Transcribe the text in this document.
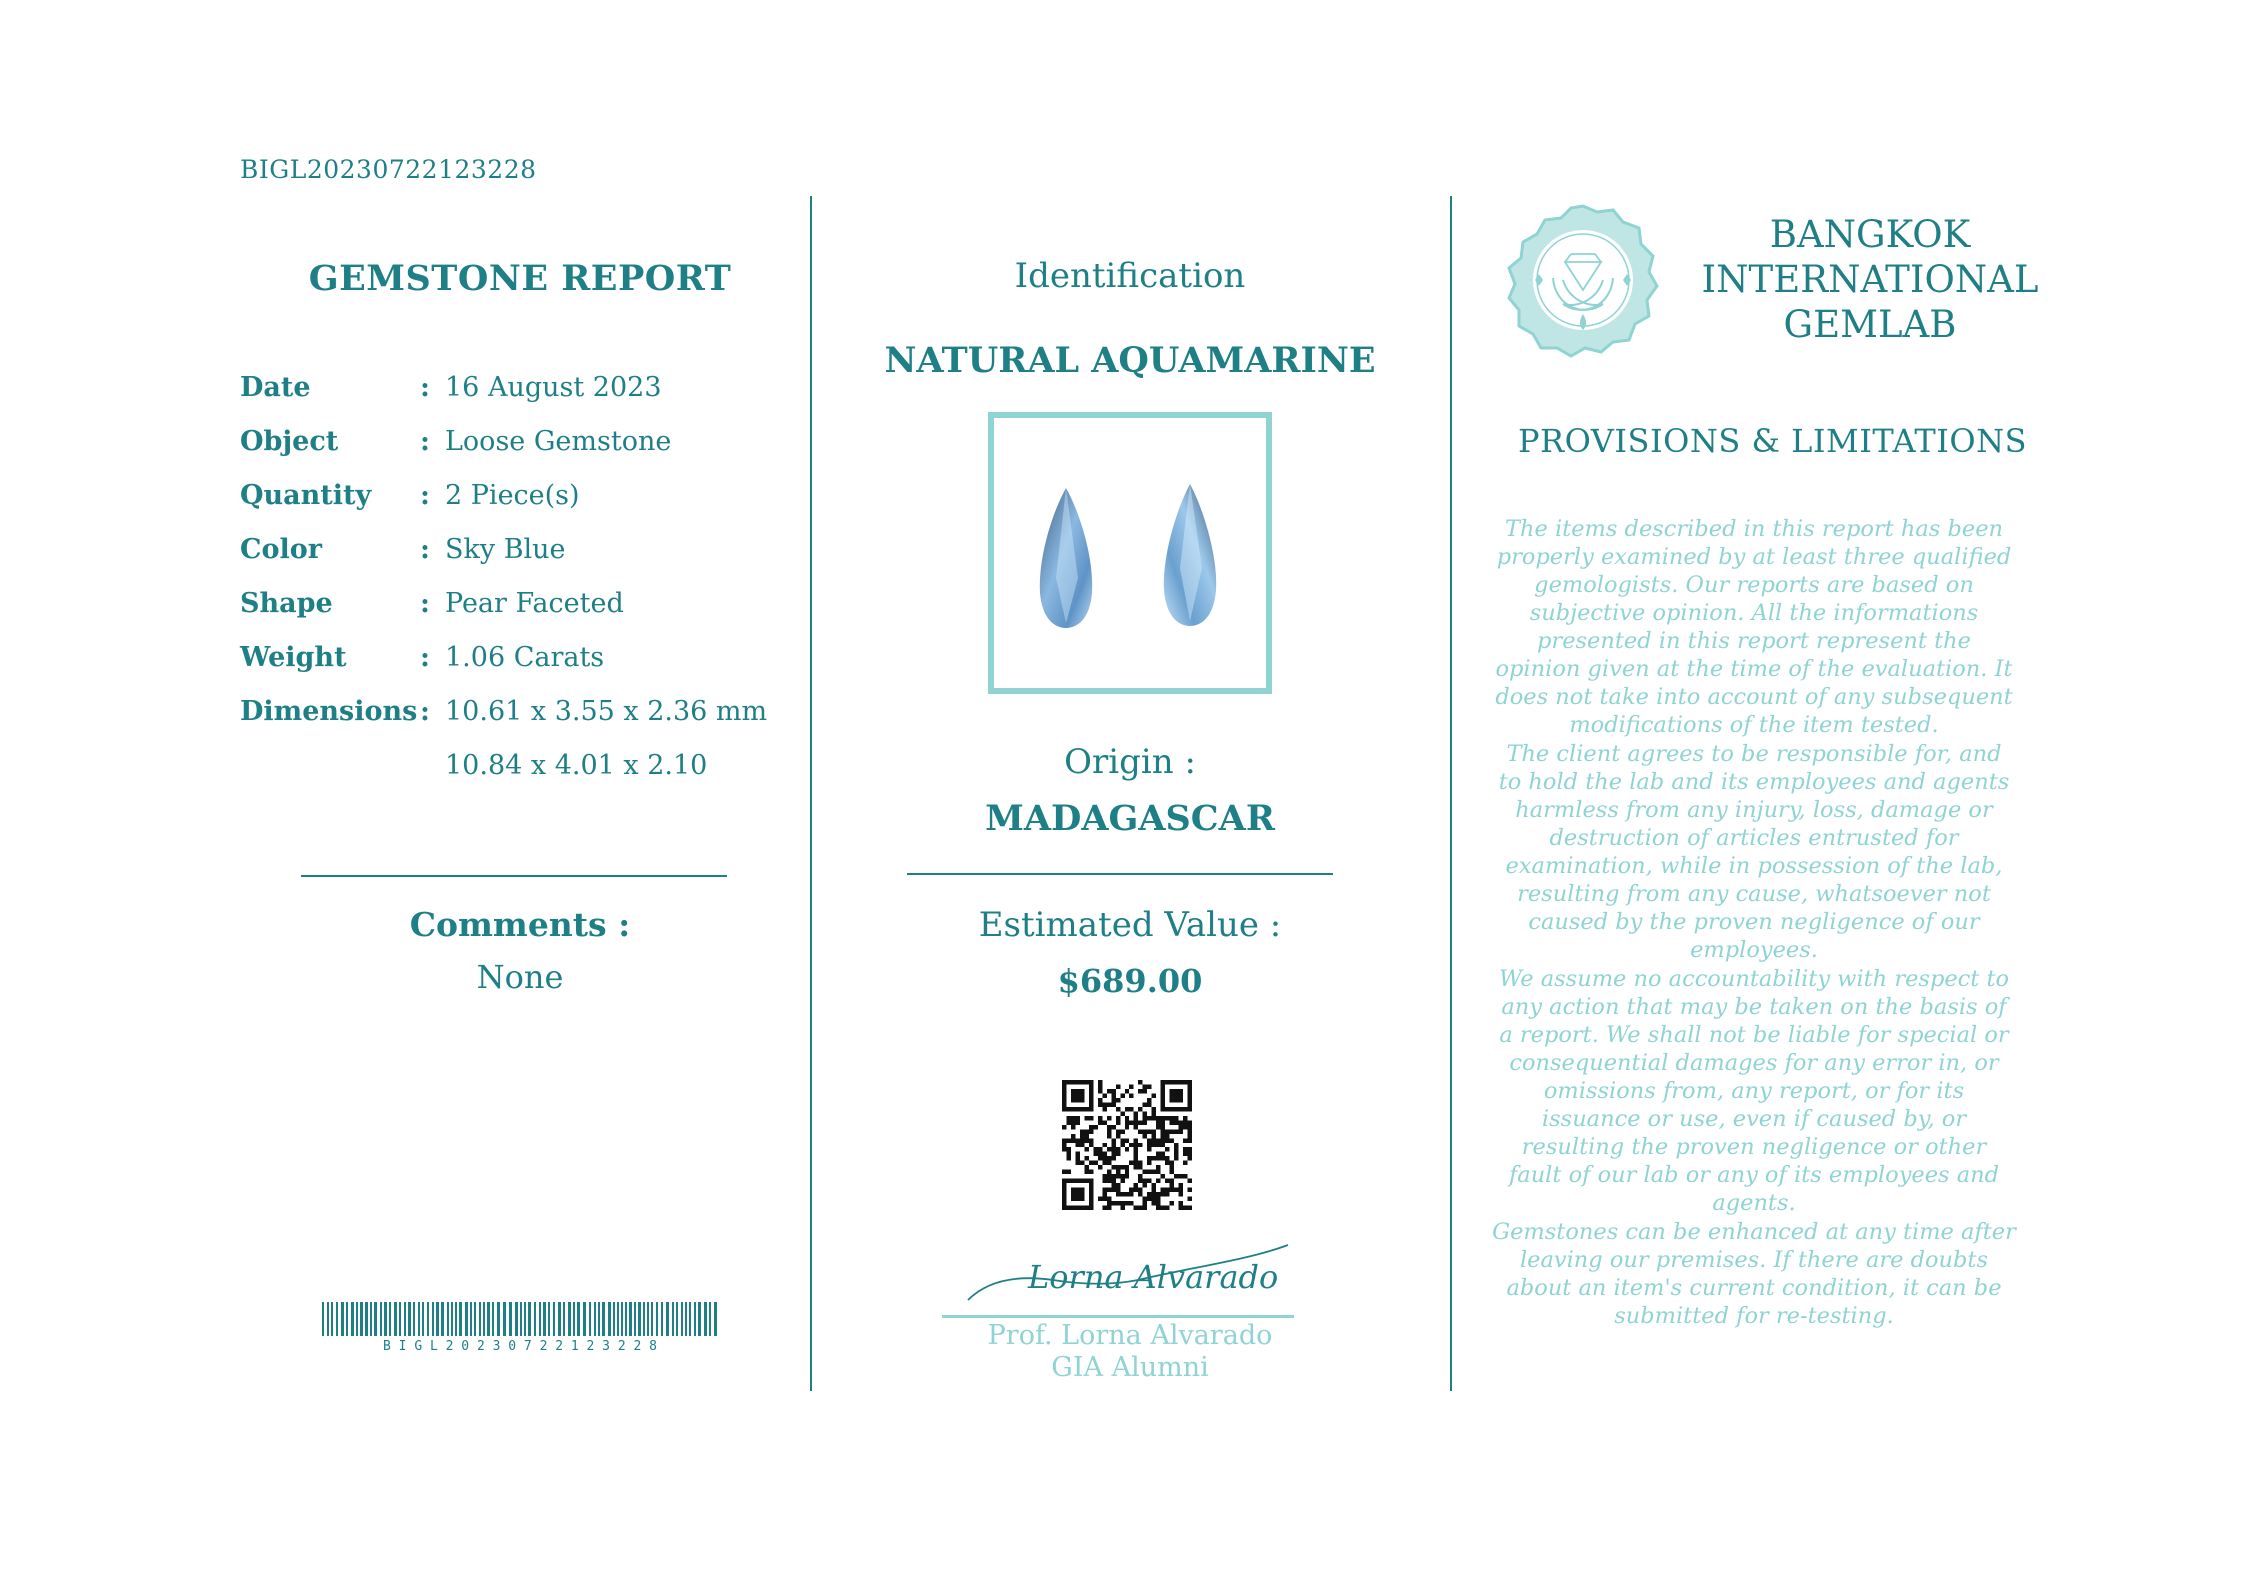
BIGL20230722123228
GEMSTONE REPORT
Date	: 16 August 2023
Object	: Loose Gemstone
Quantity : 2 Piece(s)
Color	: Sky Blue
Shape	: Pear Faceted
Weight	: 1.06 Carats
Dimensions : 10.61 x 3.55 x 2.36 mm
10.84 x 4.01 x 2.10
Comments :
None
B I G L 2 0 2 3 0 7 2 2 1 2 3 2 2 8
Identification
NATURAL AQUAMARINE
Origin :
MADAGASCAR
Estimated Value :
$689.00
Lorna Alvarado
Prof. Lorna Alvarado
GIA Alumni
BANGKOK
INTERNATIONAL
GEMLAB
PROVISIONS & LIMITATIONS
The items described in this report has been properly examined by at least three qualified gemologists. Our reports are based on subjective opinion. All the informations presented in this report represent the opinion given at the time of the evaluation. It does not take into account of any subsequent modifications of the item tested.
The client agrees to be responsible for, and to hold the lab and its employees and agents harmless from any injury, loss, damage or destruction of articles entrusted for examination, while in possession of the lab, resulting from any cause, whatsoever not caused by the proven negligence of our employees.
We assume no accountability with respect to any action that may be taken on the basis of a report. We shall not be liable for special or consequential damages for any error in, or omissions from, any report, or for its issuance or use, even if caused by, or resulting the proven negligence or other fault of our lab or any of its employees and agents.
Gemstones can be enhanced at any time after leaving our premises. If there are doubts about an item's current condition, it can be submitted for re-testing.
